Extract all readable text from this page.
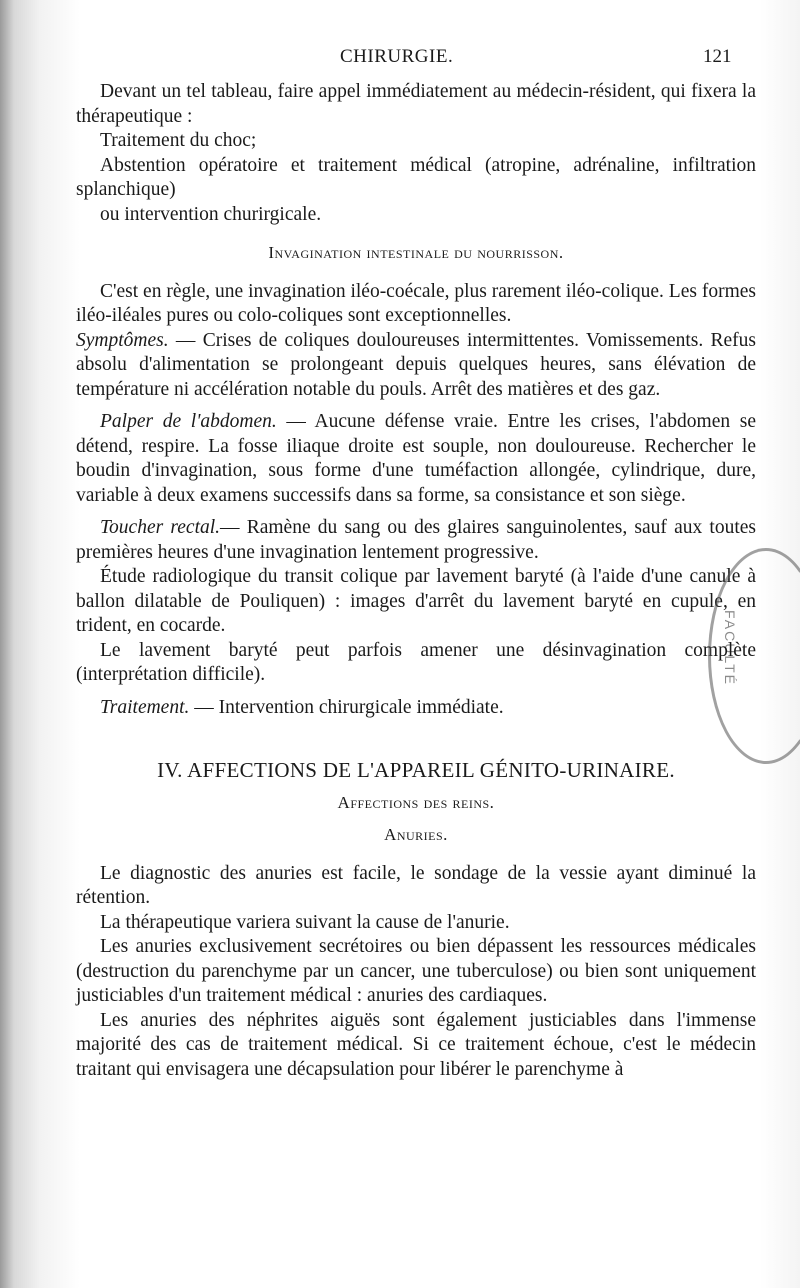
CHIRURGIE.	121

Devant un tel tableau, faire appel immédiatement au médecin-résident, qui fixera la thérapeutique :

Traitement du choc;

Abstention opératoire et traitement médical (atropine, adrénaline, infiltration splanchique)

ou intervention churirgicale.

Invagination intestinale du nourrisson.

C'est en règle, une invagination iléo-coécale, plus rarement iléo-colique. Les formes iléo-iléales pures ou colo-coliques sont exceptionnelles.

Symptômes. — Crises de coliques douloureuses intermittentes. Vomissements. Refus absolu d'alimentation se prolongeant depuis quelques heures, sans élévation de température ni accélération notable du pouls. Arrêt des matières et des gaz.

Palper de l'abdomen. — Aucune défense vraie. Entre les crises, l'abdomen se détend, respire. La fosse iliaque droite est souple, non douloureuse. Rechercher le boudin d'invagination, sous forme d'une tuméfaction allongée, cylindrique, dure, variable à deux examens successifs dans sa forme, sa consistance et son siège.

Toucher rectal.— Ramène du sang ou des glaires sanguinolentes, sauf aux toutes premières heures d'une invagination lentement progressive.

Étude radiologique du transit colique par lavement baryté (à l'aide d'une canule à ballon dilatable de Pouliquen) : images d'arrêt du lavement baryté en cupule, en trident, en cocarde.

Le lavement baryté peut parfois amener une désinvagination complète (interprétation difficile).

Traitement. — Intervention chirurgicale immédiate.

IV. AFFECTIONS DE L'APPAREIL GÉNITO-URINAIRE.

Affections des reins.

Anuries.

Le diagnostic des anuries est facile, le sondage de la vessie ayant diminué la rétention.

La thérapeutique variera suivant la cause de l'anurie.

Les anuries exclusivement secrétoires ou bien dépassent les ressources médicales (destruction du parenchyme par un cancer, une tuberculose) ou bien sont uniquement justiciables d'un traitement médical : anuries des cardiaques.

Les anuries des néphrites aiguës sont également justiciables dans l'immense majorité des cas de traitement médical. Si ce traitement échoue, c'est le médecin traitant qui envisagera une décapsulation pour libérer le parenchyme à

FACULTÉ
